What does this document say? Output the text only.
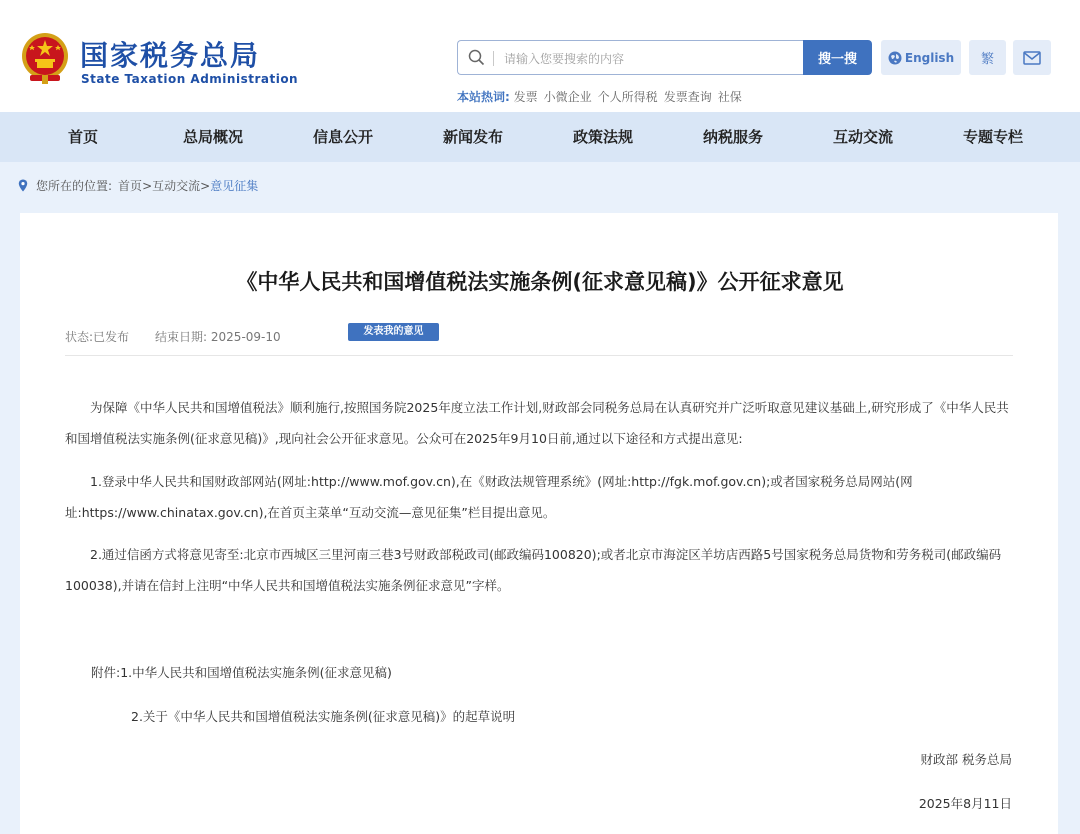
国家税务总局
State Taxation Administration
请输入您要搜索的内容
搜一搜	English 繁
本站热词: 发票 小微企业 个人所得税 发票查询 社保
首页	总局概况	信息公开	新闻发布	政策法规	纳税服务	互动交流	专题专栏
您所在的位置: 首页 > 互动交流 > 意见征集
《中华人民共和国增值税法实施条例(征求意见稿)》公开征求意见
状态:已发布 结束日期: 2025-09-10	发表我的意见

为保障《中华人民共和国增值税法》顺利施行,按照国务院2025年度立法工作计划,财政部会同税务总局在认真研究并广泛听取意见建议基础上,研究形成了《中华人民共和国增值税法实施条例(征求意见稿)》,现向社会公开征求意见。公众可在2025年9月10日前,通过以下途径和方式提出意见:

1.登录中华人民共和国财政部网站(网址:http://www.mof.gov.cn),在《财政法规管理系统》(网址:http://fgk.mof.gov.cn);或者国家税务总局网站(网址:https://www.chinatax.gov.cn),在首页主菜单“互动交流—意见征集”栏目提出意见。

2.通过信函方式将意见寄至:北京市西城区三里河南三巷3号财政部税政司(邮政编码100820);或者北京市海淀区羊坊店西路5号国家税务总局货物和劳务税司(邮政编码100038),并请在信封上注明“中华人民共和国增值税法实施条例征求意见”字样。

附件:1.中华人民共和国增值税法实施条例(征求意见稿)
2.关于《中华人民共和国增值税法实施条例(征求意见稿)》的起草说明
财政部 税务总局
2025年8月11日
